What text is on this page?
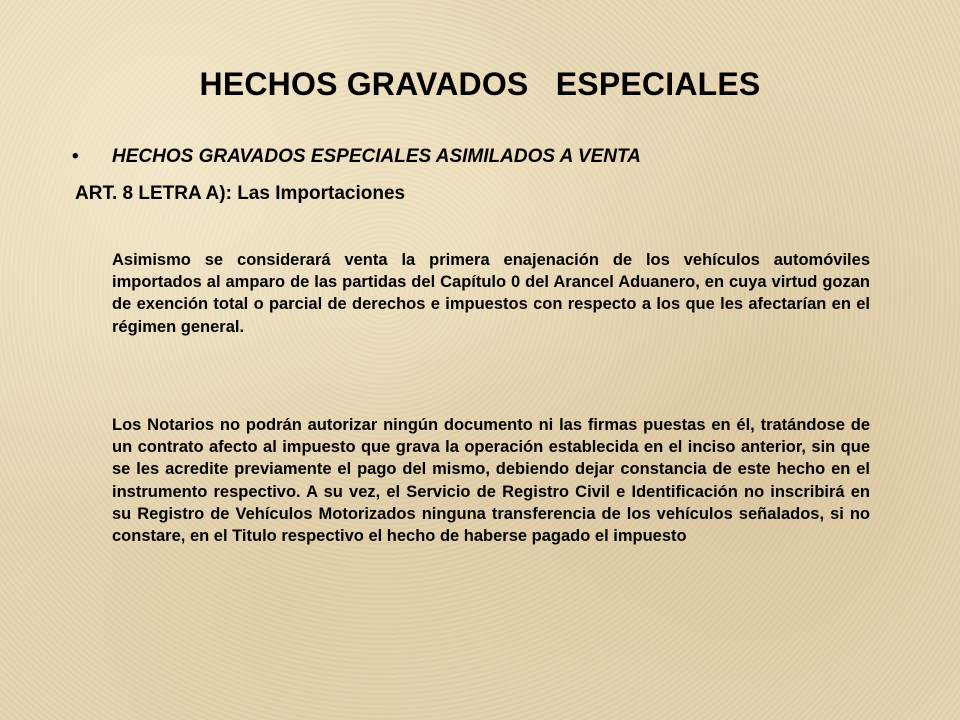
HECHOS GRAVADOS   ESPECIALES
• HECHOS GRAVADOS ESPECIALES ASIMILADOS A VENTA
ART. 8 LETRA A): Las Importaciones

Asimismo se considerará venta la primera enajenación de los vehículos automóviles importados al amparo de las partidas del Capítulo 0 del Arancel Aduanero, en cuya virtud gozan de exención total o parcial de derechos e impuestos con respecto a los que les afectarían en el régimen general.

Los Notarios no podrán autorizar ningún documento ni las firmas puestas en él, tratándose de un contrato afecto al impuesto que grava la operación establecida en el inciso anterior, sin que se les acredite previamente el pago del mismo, debiendo dejar constancia de este hecho en el instrumento respectivo. A su vez, el Servicio de Registro Civil e Identificación no inscribirá en su Registro de Vehículos Motorizados ninguna transferencia de los vehículos señalados, si no constare, en el Titulo respectivo el hecho de haberse pagado el impuesto
